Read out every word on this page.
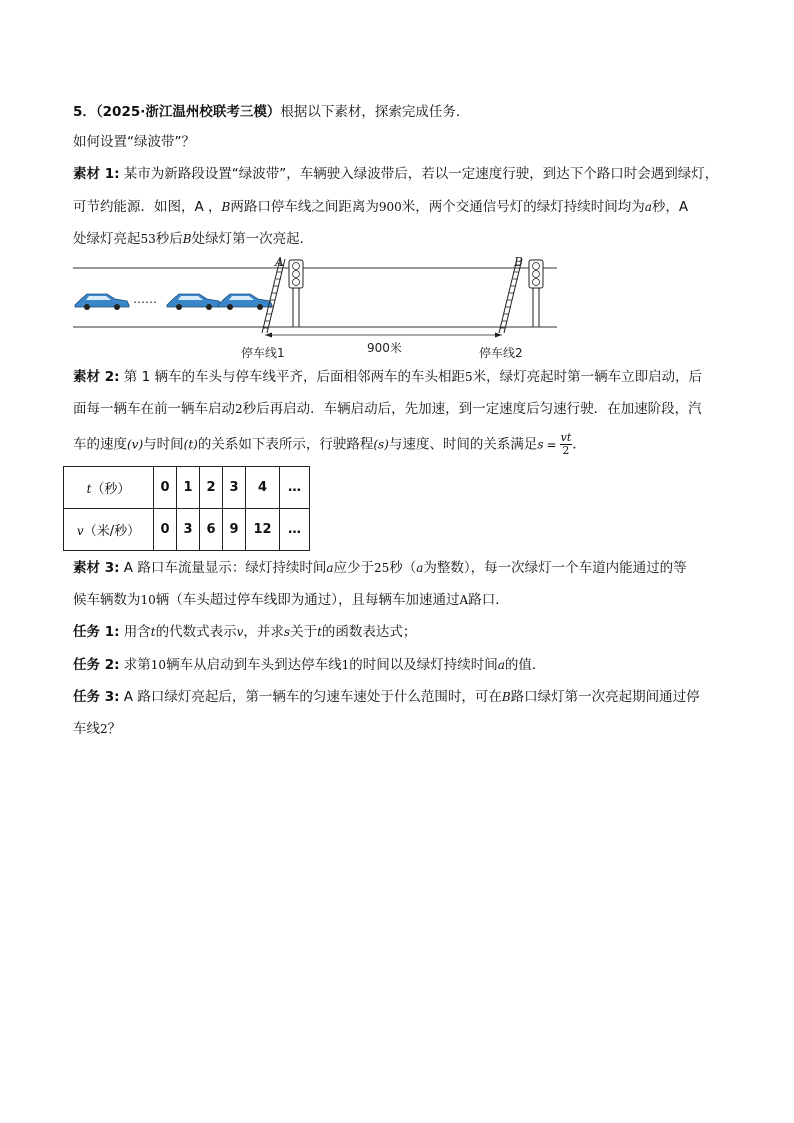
5．（2025·浙江温州校联考三模）根据以下素材，探索完成任务．
如何设置“绿波带”？
素材 1: 某市为新路段设置“绿波带”，车辆驶入绿波带后，若以一定速度行驶，到达下个路口时会遇到绿灯，
可节约能源．如图，A ，B两路口停车线之间距离为900米，两个交通信号灯的绿灯持续时间均为a秒，A
处绿灯亮起53秒后B处绿灯第一次亮起．
……
A	B
900米
停车线1	停车线2
素材 2: 第 1 辆车的车头与停车线平齐，后面相邻两车的车头相距5米，绿灯亮起时第一辆车立即启动，后
面每一辆车在前一辆车启动2秒后再启动．车辆启动后，先加速，到一定速度后匀速行驶．在加速阶段，汽
车的速度(v)与时间(t)的关系如下表所示，行驶路程(s)与速度、时间的关系满足$s = \frac{vt}{2}$ ．
t（秒）	0	1	2	3	4	…
v（米/秒）	0	3	6	9	12	…
素材 3: A 路口车流量显示：绿灯持续时间a应少于25秒（a为整数），每一次绿灯一个车道内能通过的等
候车辆数为10辆（车头超过停车线即为通过），且每辆车加速通过A路口．
任务 1: 用含t的代数式表示v，并求s关于t的函数表达式；
任务 2: 求第10辆车从启动到车头到达停车线1的时间以及绿灯持续时间a的值．
任务 3: A 路口绿灯亮起后，第一辆车的匀速车速处于什么范围时，可在B路口绿灯第一次亮起期间通过停
车线2？
